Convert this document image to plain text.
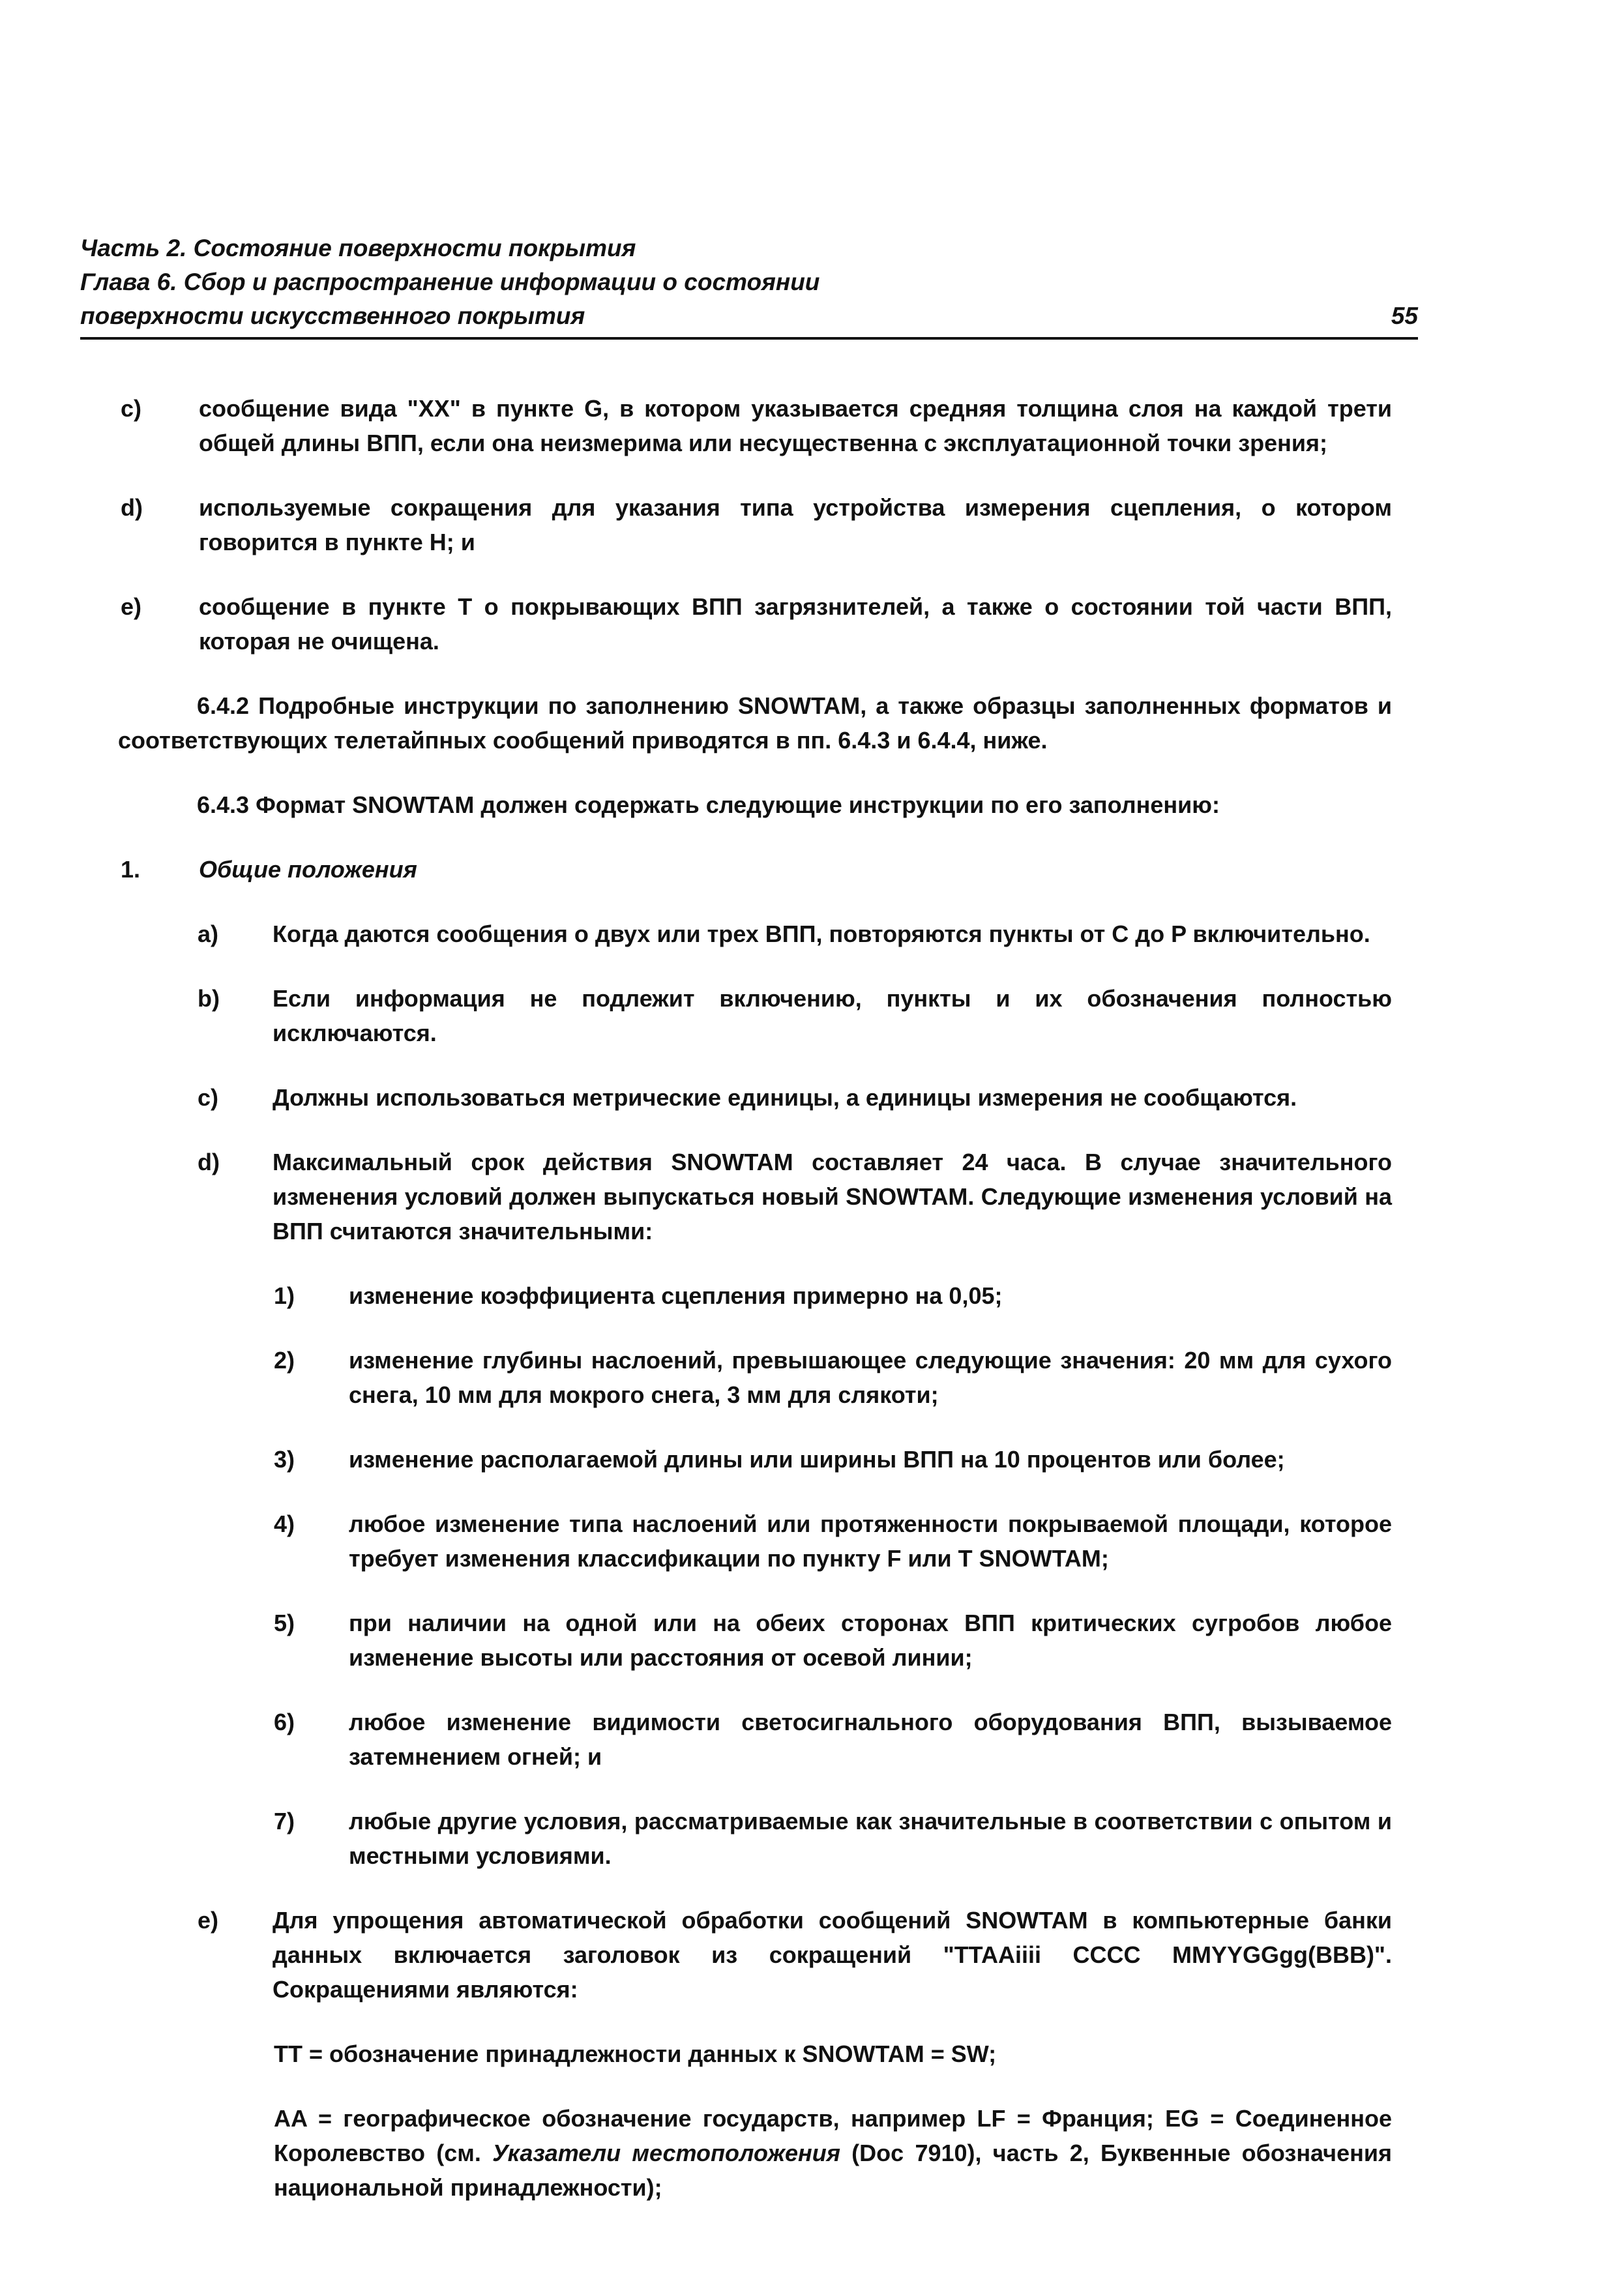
Часть 2. Состояние поверхности покрытия
Глава 6. Сбор и распространение информации о состоянии
поверхности искусственного покрытия	55
c)	сообщение вида "XX" в пункте G, в котором указывается средняя толщина слоя на каждой трети общей длины ВПП, если она неизмерима или несущественна с эксплуатационной точки зрения;
d)	используемые сокращения для указания типа устройства измерения сцепления, о котором говорится в пункте H; и
e)	сообщение в пункте T о покрывающих ВПП загрязнителей, а также о состоянии той части ВПП, которая не очищена.
6.4.2 Подробные инструкции по заполнению SNOWTAM, а также образцы заполненных форматов и соответствующих телетайпных сообщений приводятся в пп. 6.4.3 и 6.4.4, ниже.
6.4.3 Формат SNOWTAM должен содержать следующие инструкции по его заполнению:
1.	Общие положения
a)	Когда даются сообщения о двух или трех ВПП, повторяются пункты от C до P включительно.
b)	Если информация не подлежит включению, пункты и их обозначения полностью исключаются.
c)	Должны использоваться метрические единицы, а единицы измерения не сообщаются.
d)	Максимальный срок действия SNOWTAM составляет 24 часа. В случае значительного изменения условий должен выпускаться новый SNOWTAM. Следующие изменения условий на ВПП считаются значительными:
1)	изменение коэффициента сцепления примерно на 0,05;
2)	изменение глубины наслоений, превышающее следующие значения: 20 мм для сухого снега, 10 мм для мокрого снега, 3 мм для слякоти;
3)	изменение располагаемой длины или ширины ВПП на 10 процентов или более;
4)	любое изменение типа наслоений или протяженности покрываемой площади, которое требует изменения классификации по пункту F или T SNOWTAM;
5)	при наличии на одной или на обеих сторонах ВПП критических сугробов любое изменение высоты или расстояния от осевой линии;
6)	любое изменение видимости светосигнального оборудования ВПП, вызываемое затемнением огней; и
7)	любые другие условия, рассматриваемые как значительные в соответствии с опытом и местными условиями.
e)	Для упрощения автоматической обработки сообщений SNOWTAM в компьютерные банки данных включается заголовок из сокращений "TTAAiiii CCCC MMYYGGgg(BBB)". Сокращениями являются:
TT = обозначение принадлежности данных к SNOWTAM = SW;
AA = географическое обозначение государств, например LF = Франция; EG = Соединенное Королевство (см. Указатели местоположения (Doc 7910), часть 2, Буквенные обозначения национальной принадлежности);
